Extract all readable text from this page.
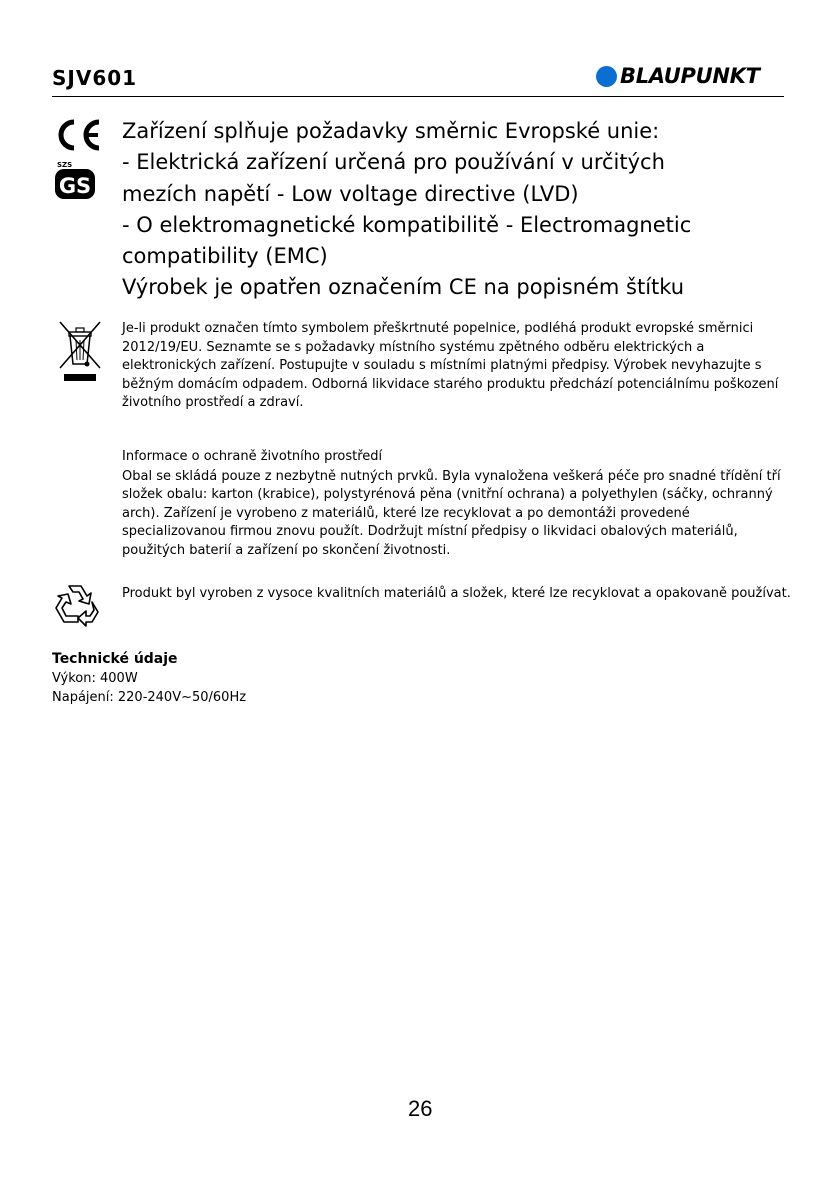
SJV601	BLAUPUNKT
SZS
GS
Zařízení splňuje požadavky směrnic Evropské unie:
- Elektrická zařízení určená pro používání v určitých
mezích napětí - Low voltage directive (LVD)
- O elektromagnetické kompatibilitě - Electromagnetic
compatibility (EMC)
Výrobek je opatřen označením CE na popisném štítku
Je-li produkt označen tímto symbolem přeškrtnuté popelnice, podléhá produkt evropské směrnici 2012/19/EU. Seznamte se s požadavky místního systému zpětného odběru elektrických a elektronických zařízení. Postupujte v souladu s místními platnými předpisy. Výrobek nevyhazujte s běžným domácím odpadem. Odborná likvidace starého produktu předchází potenciálnímu poškození životního prostředí a zdraví.
Informace o ochraně životního prostředí
Obal se skládá pouze z nezbytně nutných prvků. Byla vynaložena veškerá péče pro snadné třídění tří složek obalu: karton (krabice), polystyrénová pěna (vnitřní ochrana) a polyethylen (sáčky, ochranný arch). Zařízení je vyrobeno z materiálů, které lze recyklovat a po demontáži provedené specializovanou firmou znovu použít. Dodržujt místní předpisy o likvidaci obalových materiálů, použitých baterií a zařízení po skončení životnosti.
Produkt byl vyroben z vysoce kvalitních materiálů a složek, které lze recyklovat a opakovaně používat.
Technické údaje
Výkon: 400W
Napájení: 220-240V~50/60Hz
26
